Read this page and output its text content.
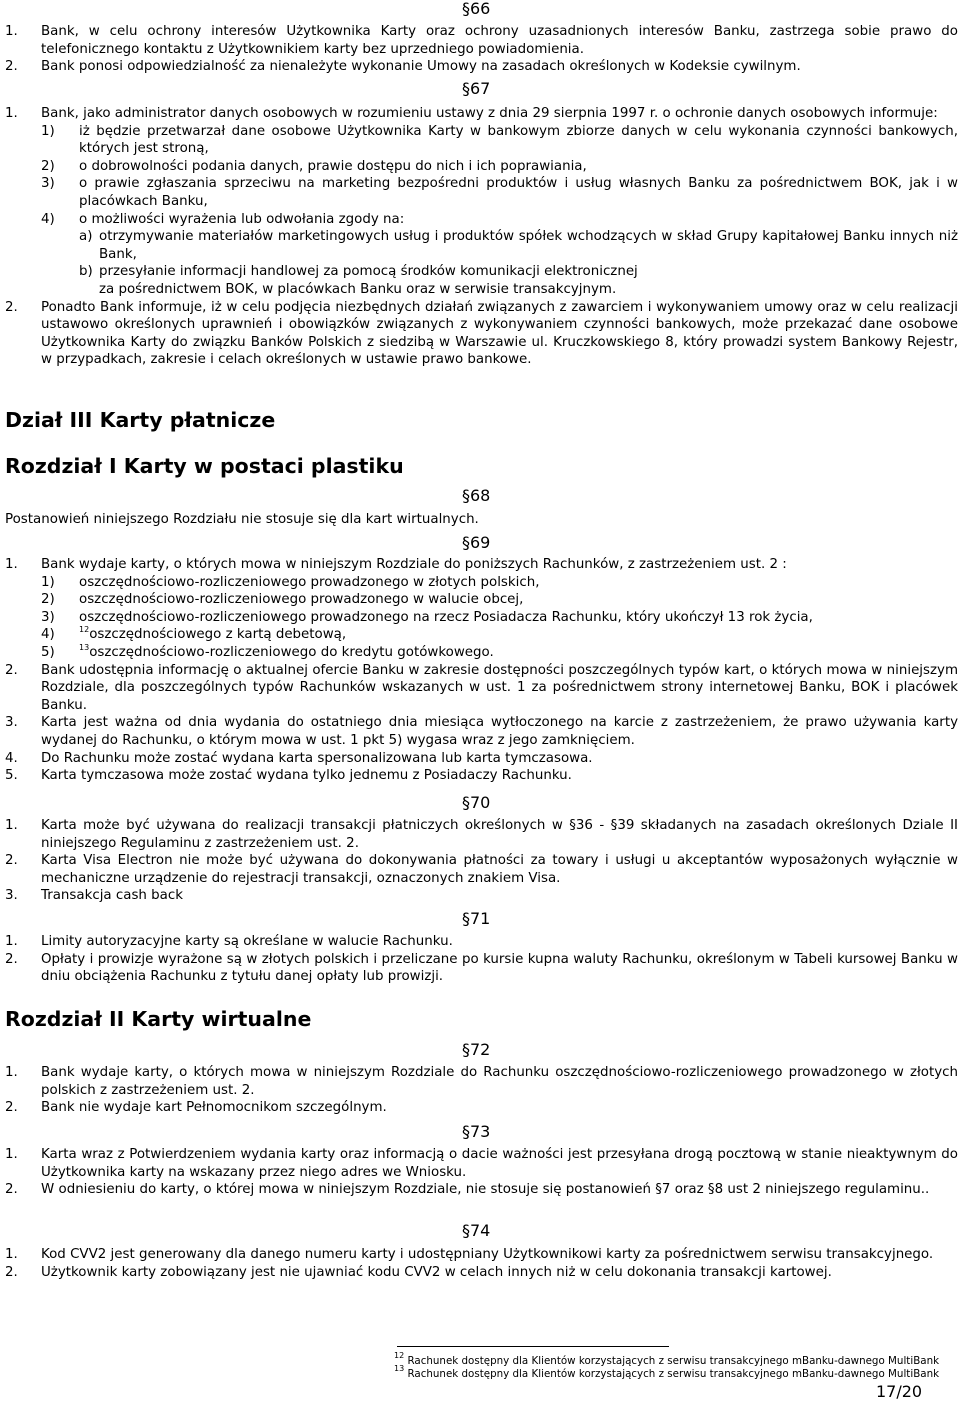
§66

1. Bank, w celu ochrony interesów Użytkownika Karty oraz ochrony uzasadnionych interesów Banku, zastrzega sobie prawo do telefonicznego kontaktu z Użytkownikiem karty bez uprzedniego powiadomienia.

2. Bank ponosi odpowiedzialność za nienależyte wykonanie Umowy na zasadach określonych w Kodeksie cywilnym.

§67

1. Bank, jako administrator danych osobowych w rozumieniu ustawy z dnia 29 sierpnia 1997 r. o ochronie danych osobowych informuje:

1) iż będzie przetwarzał dane osobowe Użytkownika Karty w bankowym zbiorze danych w celu wykonania czynności bankowych, których jest stroną,

2) o dobrowolności podania danych, prawie dostępu do nich i ich poprawiania,

3) o prawie zgłaszania sprzeciwu na marketing bezpośredni produktów i usług własnych Banku za pośrednictwem BOK, jak i w placówkach Banku,

4) o możliwości wyrażenia lub odwołania zgody na:

a) otrzymywanie materiałów marketingowych usług i produktów spółek wchodzących w skład Grupy kapitałowej Banku innych niż Bank,

b) przesyłanie informacji handlowej za pomocą środków komunikacji elektronicznej

za pośrednictwem BOK, w placówkach Banku oraz w serwisie transakcyjnym.

2. Ponadto Bank informuje, iż w celu podjęcia niezbędnych działań związanych z zawarciem i wykonywaniem umowy oraz w celu realizacji ustawowo określonych uprawnień i obowiązków związanych z wykonywaniem czynności bankowych, może przekazać dane osobowe Użytkownika Karty do związku Banków Polskich z siedzibą w Warszawie ul. Kruczkowskiego 8, który prowadzi system Bankowy Rejestr, w przypadkach, zakresie i celach określonych w ustawie prawo bankowe.

Dział III Karty płatnicze
Rozdział I Karty w postaci plastiku
§68

Postanowień niniejszego Rozdziału nie stosuje się dla kart wirtualnych.

§69

1. Bank wydaje karty, o których mowa w niniejszym Rozdziale do poniższych Rachunków, z zastrzeżeniem ust. 2 :

1) oszczędnościowo-rozliczeniowego prowadzonego w złotych polskich,

2) oszczędnościowo-rozliczeniowego prowadzonego w walucie obcej,

3) oszczędnościowo-rozliczeniowego prowadzonego na rzecz Posiadacza Rachunku, który ukończył 13 rok życia,

4)	$^{12}$oszczędnościowego z kartą debetową,

5)	$^{13}$oszczędnościowo-rozliczeniowego do kredytu gotówkowego.

2. Bank udostępnia informację o aktualnej ofercie Banku w zakresie dostępności poszczególnych typów kart, o których mowa w niniejszym Rozdziale, dla poszczególnych typów Rachunków wskazanych w ust. 1 za pośrednictwem strony internetowej Banku, BOK i placówek Banku.

3. Karta jest ważna od dnia wydania do ostatniego dnia miesiąca wytłoczonego na karcie z zastrzeżeniem, że prawo używania karty wydanej do Rachunku, o którym mowa w ust. 1 pkt 5) wygasa wraz z jego zamknięciem.

4. Do Rachunku może zostać wydana karta spersonalizowana lub karta tymczasowa.

5. Karta tymczasowa może zostać wydana tylko jednemu z Posiadaczy Rachunku.

§70

1. Karta może być używana do realizacji transakcji płatniczych określonych w §36 - §39 składanych na zasadach określonych Dziale II niniejszego Regulaminu z zastrzeżeniem ust. 2.

2. Karta Visa Electron nie może być używana do dokonywania płatności za towary i usługi u akceptantów wyposażonych wyłącznie w mechaniczne urządzenie do rejestracji transakcji, oznaczonych znakiem Visa.

3. Transakcja cash back

§71

1. Limity autoryzacyjne karty są określane w walucie Rachunku.

2. Opłaty i prowizje wyrażone są w złotych polskich i przeliczane po kursie kupna waluty Rachunku, określonym w Tabeli kursowej Banku w dniu obciążenia Rachunku z tytułu danej opłaty lub prowizji.

Rozdział II Karty wirtualne
§72

1. Bank wydaje karty, o których mowa w niniejszym Rozdziale do Rachunku oszczędnościowo-rozliczeniowego prowadzonego w złotych polskich z zastrzeżeniem ust. 2.

2. Bank nie wydaje kart Pełnomocnikom szczególnym.

§73

1. Karta wraz z Potwierdzeniem wydania karty oraz informacją o dacie ważności jest przesyłana drogą pocztową w stanie nieaktywnym do Użytkownika karty na wskazany przez niego adres we Wniosku.

2. W odniesieniu do karty, o której mowa w niniejszym Rozdziale, nie stosuje się postanowień §7 oraz §8 ust 2 niniejszego regulaminu..

§74

1. Kod CVV2 jest generowany dla danego numeru karty i udostępniany Użytkownikowi karty za pośrednictwem serwisu transakcyjnego.

2. Użytkownik karty zobowiązany jest nie ujawniać kodu CVV2 w celach innych niż w celu dokonania transakcji kartowej.

$^{12}$ Rachunek dostępny dla Klientów korzystających z serwisu transakcyjnego mBanku-dawnego MultiBank
$^{13}$ Rachunek dostępny dla Klientów korzystających z serwisu transakcyjnego mBanku-dawnego MultiBank
17/20
